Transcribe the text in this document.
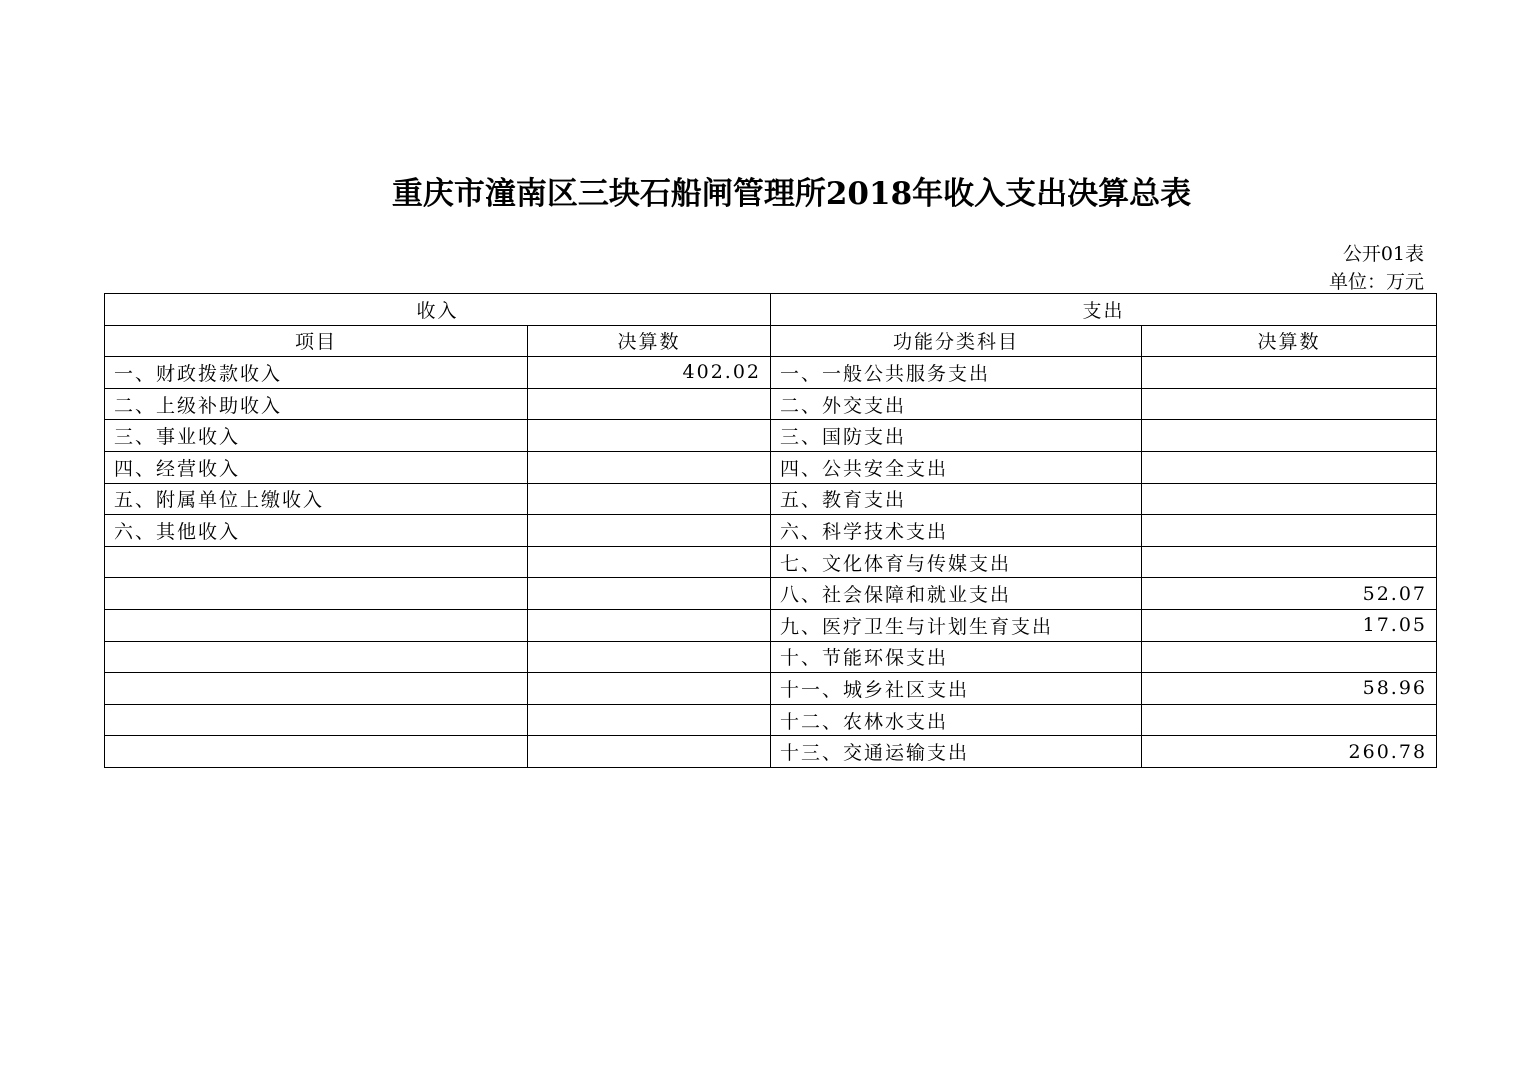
重庆市潼南区三块石船闸管理所2018年收入支出决算总表
公开01表
单位：万元
收入		支出	
项目	决算数	功能分类科目	决算数
一、财政拨款收入	402.02	一、一般公共服务支出	
二、上级补助收入		二、外交支出	
三、事业收入		三、国防支出	
四、经营收入		四、公共安全支出	
五、附属单位上缴收入		五、教育支出	
六、其他收入		六、科学技术支出	
		七、文化体育与传媒支出	
		八、社会保障和就业支出	52.07
		九、医疗卫生与计划生育支出	17.05
		十、节能环保支出	
		十一、城乡社区支出	58.96
		十二、农林水支出	
		十三、交通运输支出	260.78
